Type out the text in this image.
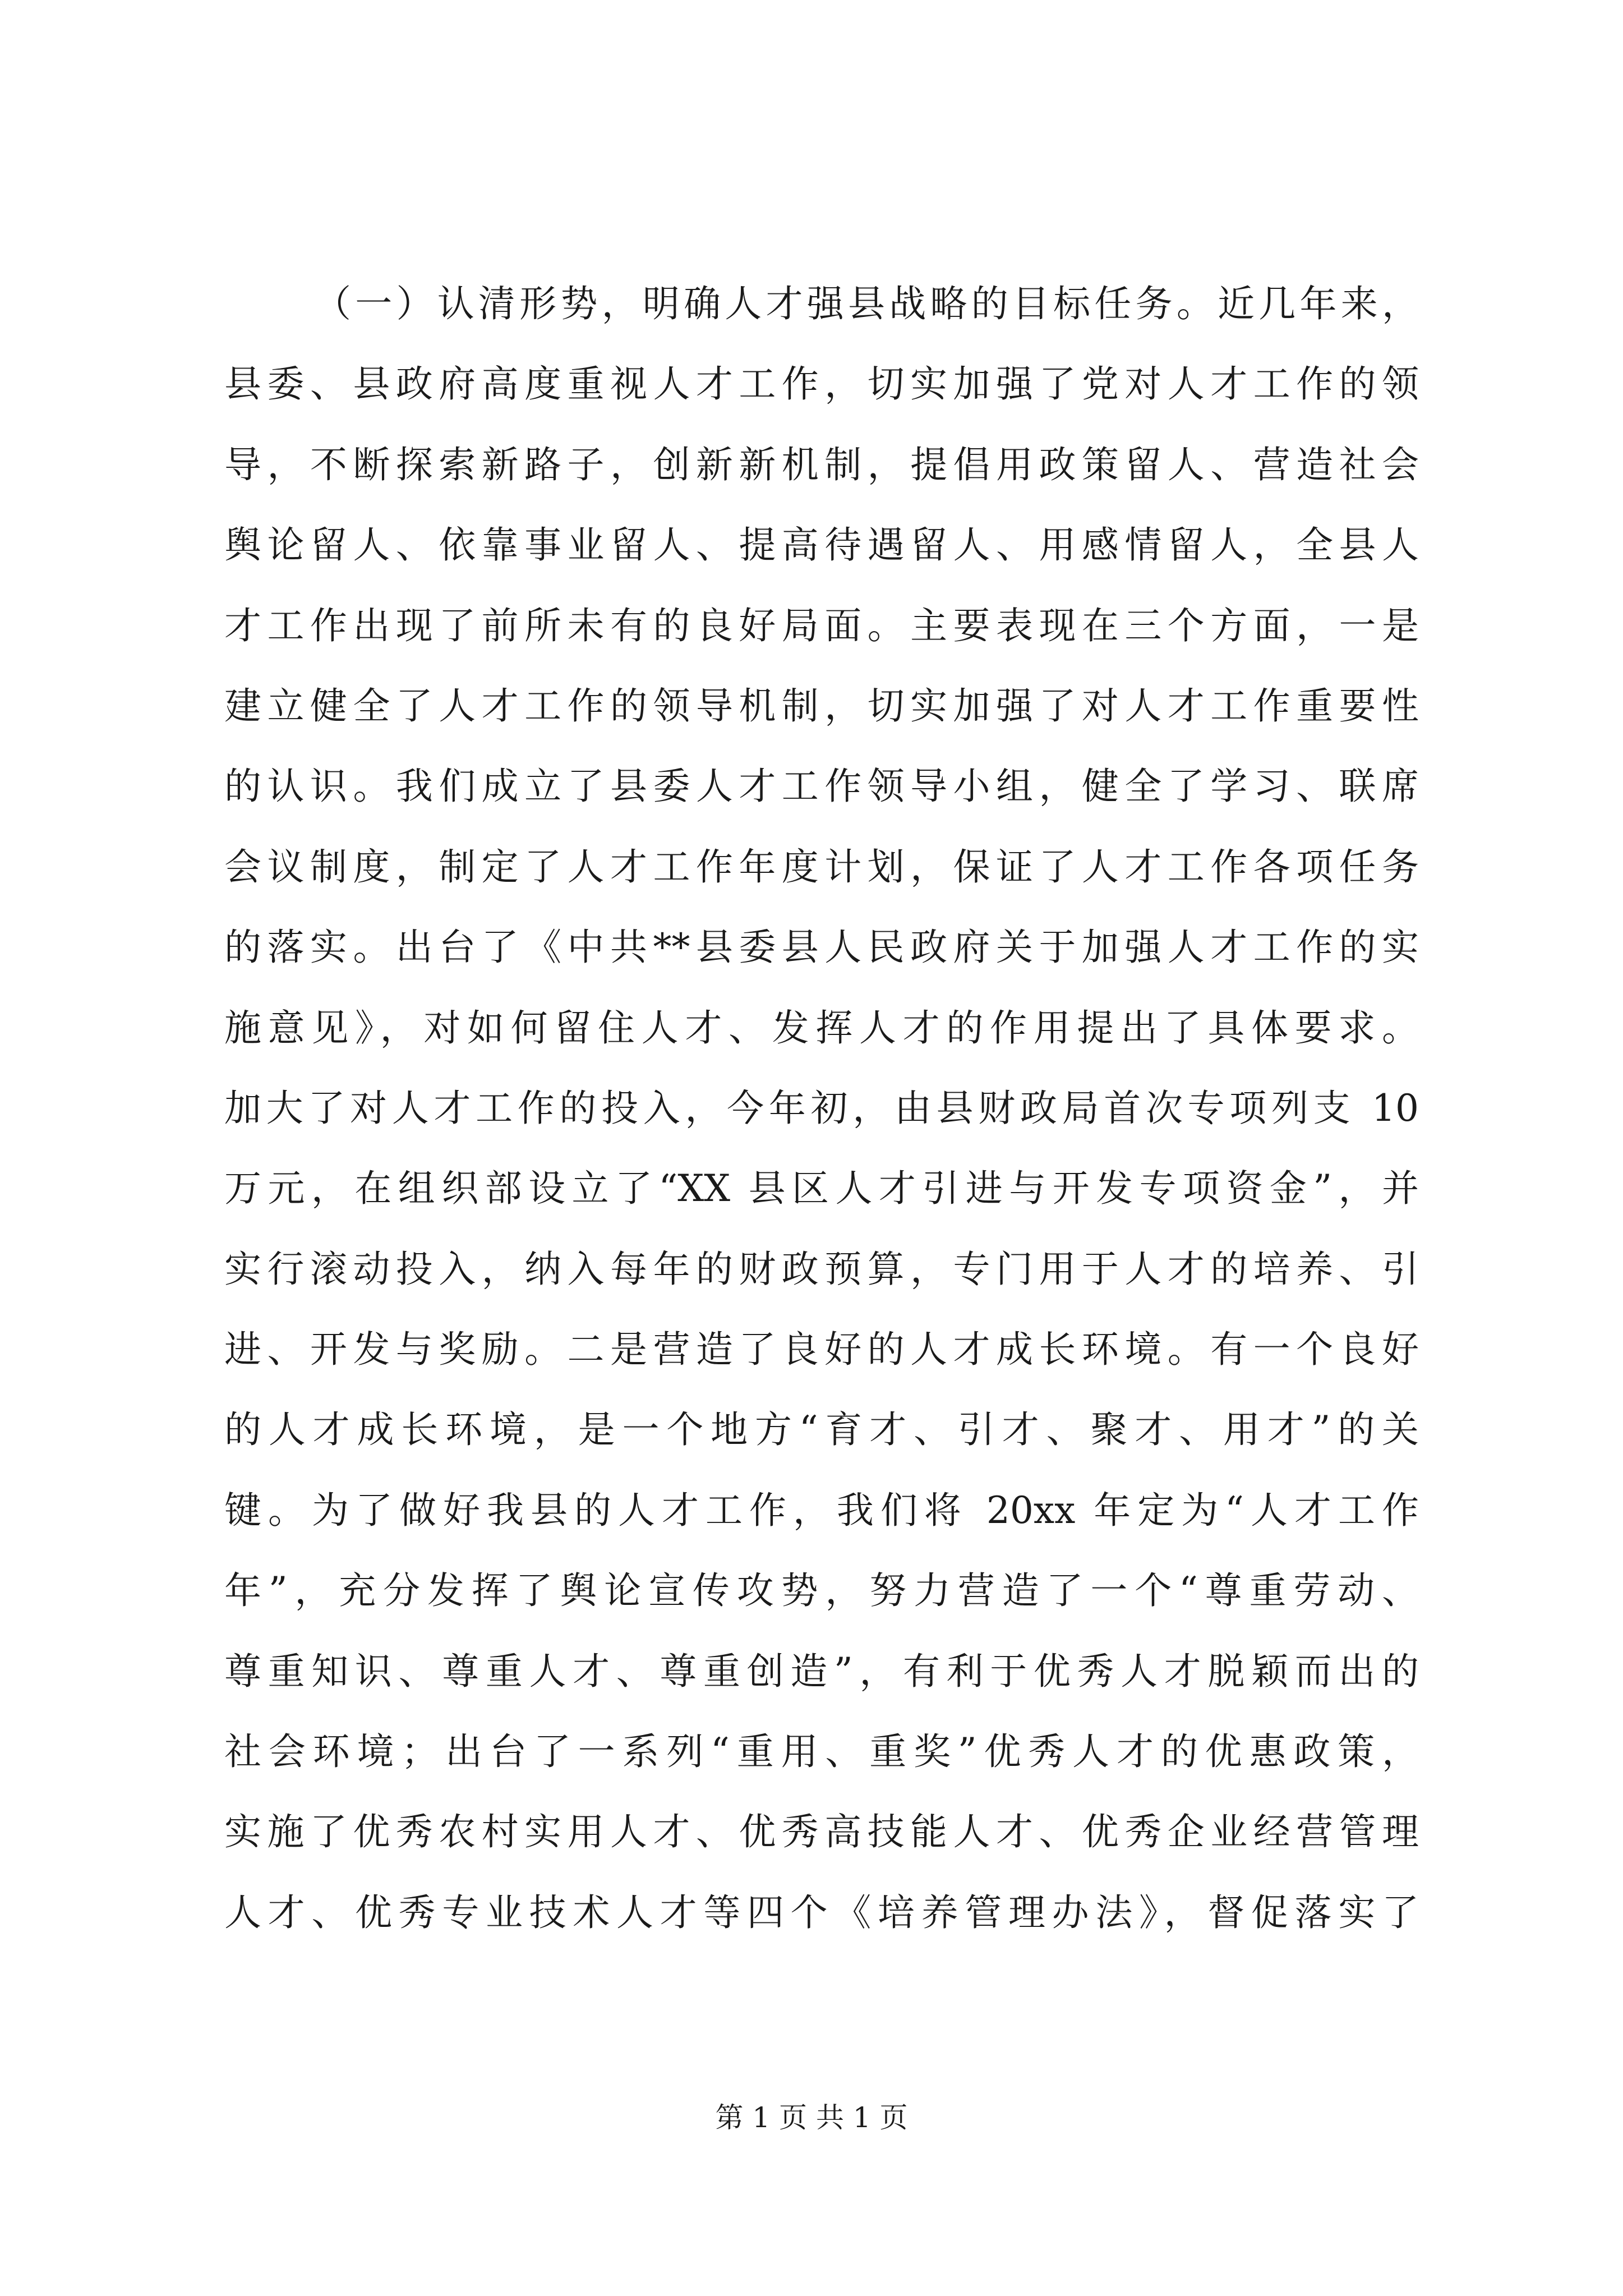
（一）认清形势，明确人才强县战略的目标任务。近几年来，
县委、县政府高度重视人才工作，切实加强了党对人才工作的领
导，不断探索新路子，创新新机制，提倡用政策留人、营造社会
舆论留人、依靠事业留人、提高待遇留人、用感情留人，全县人
才工作出现了前所未有的良好局面。主要表现在三个方面，一是
建立健全了人才工作的领导机制，切实加强了对人才工作重要性
的认识。我们成立了县委人才工作领导小组，健全了学习、联席
会议制度，制定了人才工作年度计划，保证了人才工作各项任务
的落实。出台了《中共**县委县人民政府关于加强人才工作的实
施意见》，对如何留住人才、发挥人才的作用提出了具体要求。
加大了对人才工作的投入，今年初，由县财政局首次专项列支 10
万元，在组织部设立了“XX 县区人才引进与开发专项资金”，并
实行滚动投入，纳入每年的财政预算，专门用于人才的培养、引
进、开发与奖励。二是营造了良好的人才成长环境。有一个良好
的人才成长环境，是一个地方“育才、引才、聚才、用才”的关
键。为了做好我县的人才工作，我们将 20xx 年定为“人才工作
年”，充分发挥了舆论宣传攻势，努力营造了一个“尊重劳动、
尊重知识、尊重人才、尊重创造”，有利于优秀人才脱颖而出的
社会环境；出台了一系列“重用、重奖”优秀人才的优惠政策，
实施了优秀农村实用人才、优秀高技能人才、优秀企业经营管理
人才、优秀专业技术人才等四个《培养管理办法》，督促落实了
第 1 页 共 1 页
